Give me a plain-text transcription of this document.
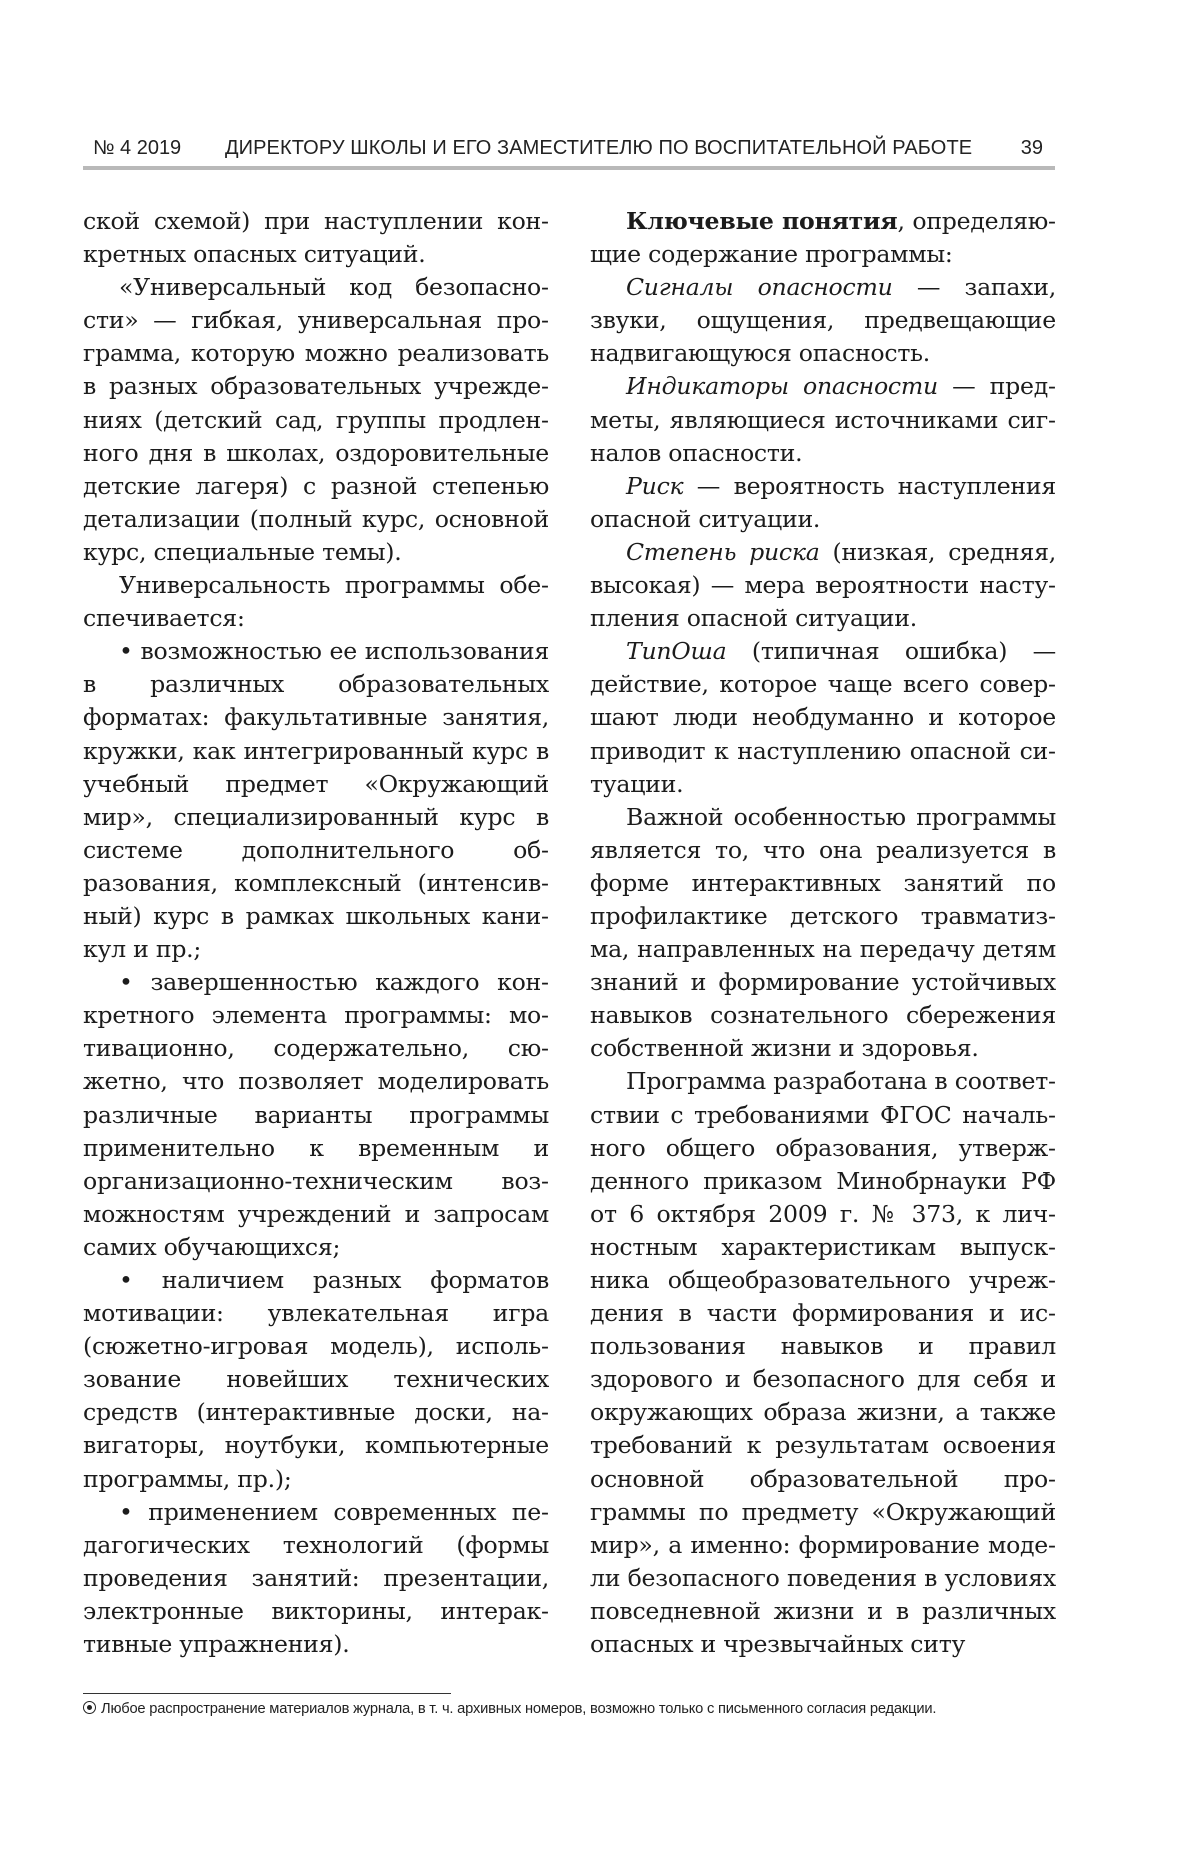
№ 4 2019 ДИРЕКТОРУ ШКОЛЫ И ЕГО ЗАМЕСТИТЕЛЮ ПО ВОСПИТАТЕЛЬНОЙ РАБОТЕ 39

ской схемой) при наступлении конкретных опасных ситуаций.

«Универсальный код безопасности» — гибкая, универсальная программа, которую можно реализовать в разных образовательных учреждениях (детский сад, группы продленного дня в школах, оздоровительные детские лагеря) с разной степенью детализации (полный курс, основной курс, специальные темы).

Универсальность программы обеспечивается:

• возможностью ее использования в различных образовательных форматах: факультативные занятия, кружки, как интегрированный курс в учебный предмет «Окружающий мир», специализированный курс в системе дополнительного образования, комплексный (интенсивный) курс в рамках школьных каникул и пр.;

• завершенностью каждого конкретного элемента программы: мотивационно, содержательно, сюжетно, что позволяет моделировать различные варианты программы применительно к временным и организационно-техническим возможностям учреждений и запросам самих обучающихся;

• наличием разных форматов мотивации: увлекательная игра (сюжетно-игровая модель), использование новейших технических средств (интерактивные доски, навигаторы, ноутбуки, компьютерные программы, пр.);

• применением современных педагогических технологий (формы проведения занятий: презентации, электронные викторины, интерактивные упражнения).

Ключевые понятия, определяющие содержание программы:

Сигналы опасности — запахи, звуки, ощущения, предвещающие надвигающуюся опасность.

Индикаторы опасности — предметы, являющиеся источниками сигналов опасности.

Риск — вероятность наступления опасной ситуации.

Степень риска (низкая, средняя, высокая) — мера вероятности наступления опасной ситуации.

ТипОша (типичная ошибка) — действие, которое чаще всего совершают люди необдуманно и которое приводит к наступлению опасной ситуации.

Важной особенностью программы является то, что она реализуется в форме интерактивных занятий по профилактике детского травматизма, направленных на передачу детям знаний и формирование устойчивых навыков сознательного сбережения собственной жизни и здоровья.

Программа разработана в соответствии с требованиями ФГОС начального общего образования, утвержденного приказом Минобрнауки РФ от 6 октября 2009 г. № 373, к личностным характеристикам выпускника общеобразовательного учреждения в части формирования и использования навыков и правил здорового и безопасного для себя и окружающих образа жизни, а также требований к результатам освоения основной образовательной программы по предмету «Окружающий мир», а именно: формирование модели безопасного поведения в условиях повседневной жизни и в различных опасных и чрезвычайных ситу

Любое распространение материалов журнала, в т. ч. архивных номеров, возможно только с письменного согласия редакции.
